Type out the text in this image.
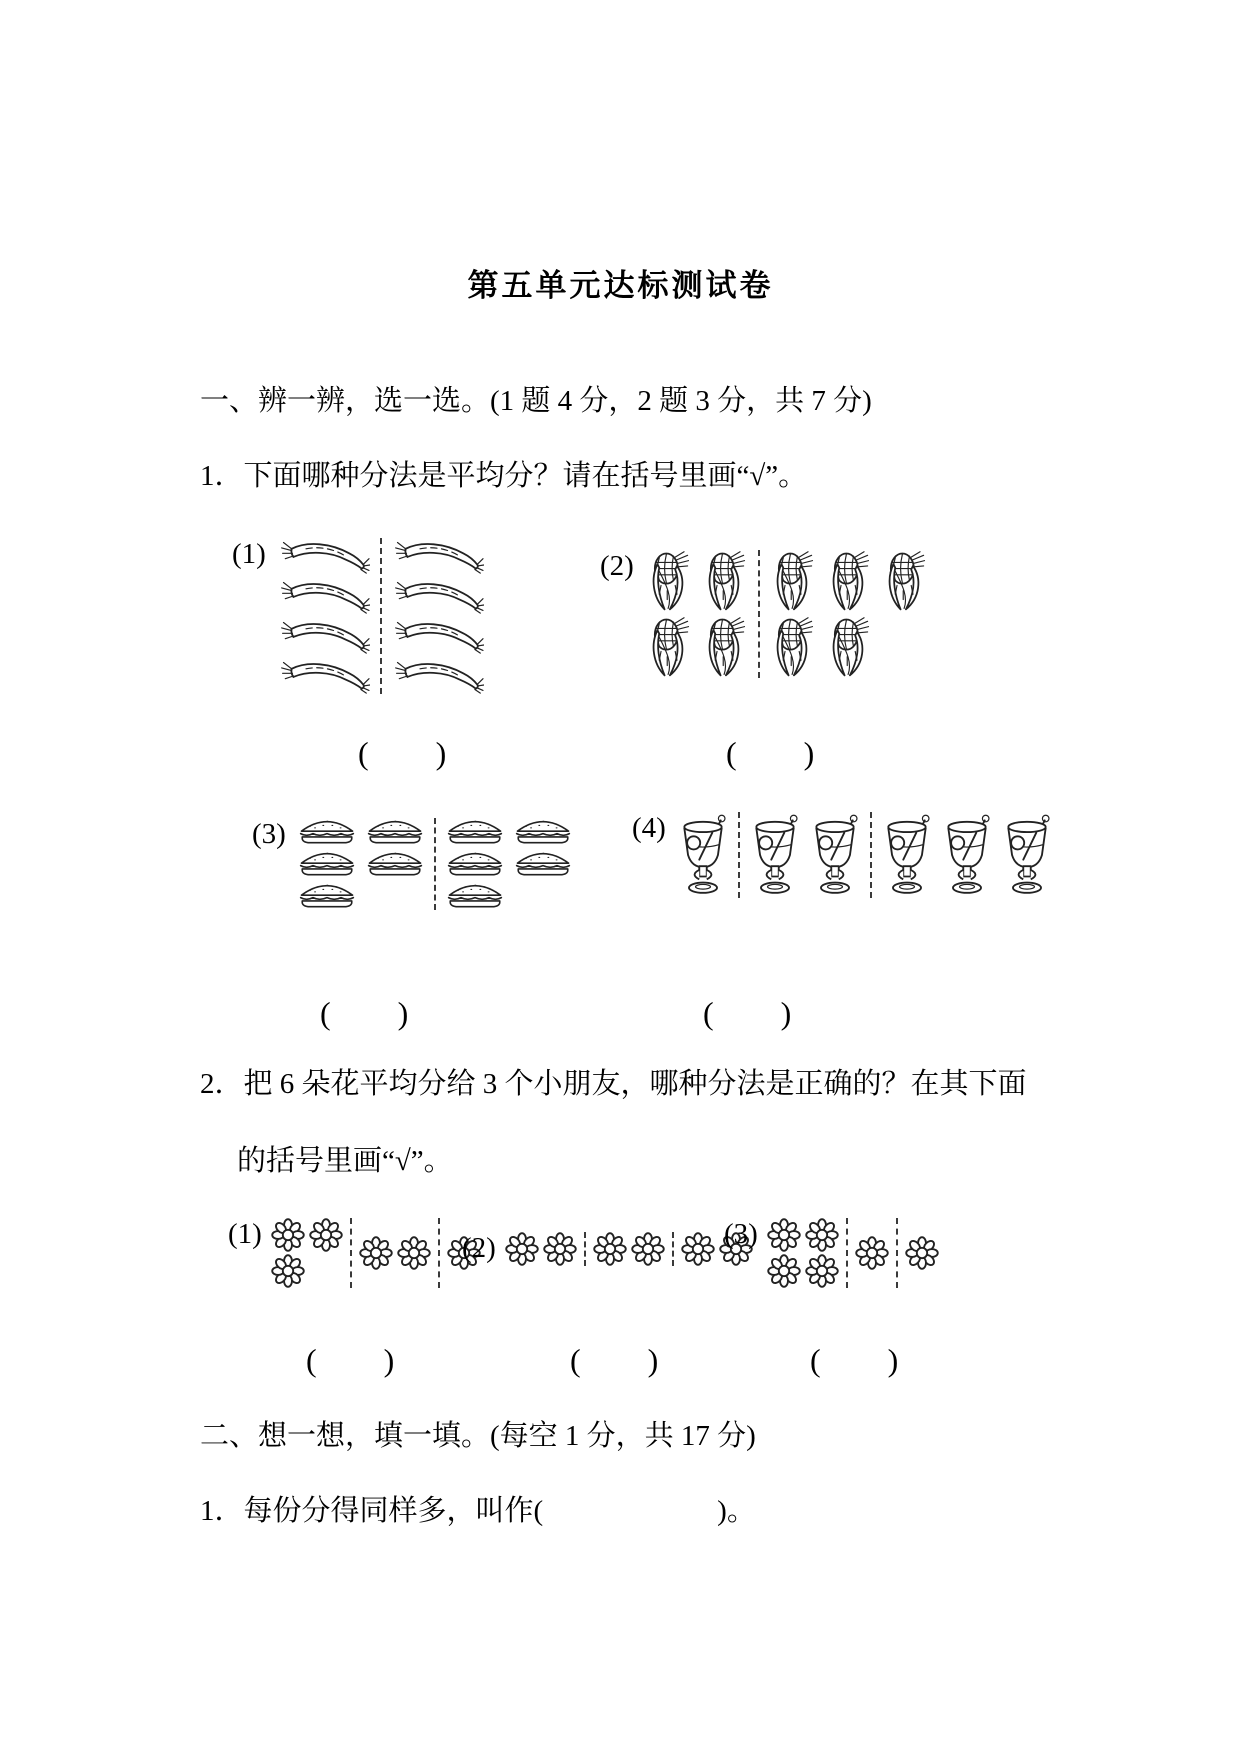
第五单元达标测试卷
一、辨一辨，选一选。(1 题 4 分，2 题 3 分，共 7 分)
1．下面哪种分法是平均分？请在括号里画“√”。
(1)	(2)
(　　)	(　　)
(3)	(4)
(　　)	(　　)
2．把 6 朵花平均分给 3 个小朋友，哪种分法是正确的？在其下面
的括号里画“√”。
(1)	(2)	(3)
(　　)	(　　)	(　　)
二、想一想，填一填。(每空 1 分，共 17 分)
1．每份分得同样多，叫作(　　　　　　)。
